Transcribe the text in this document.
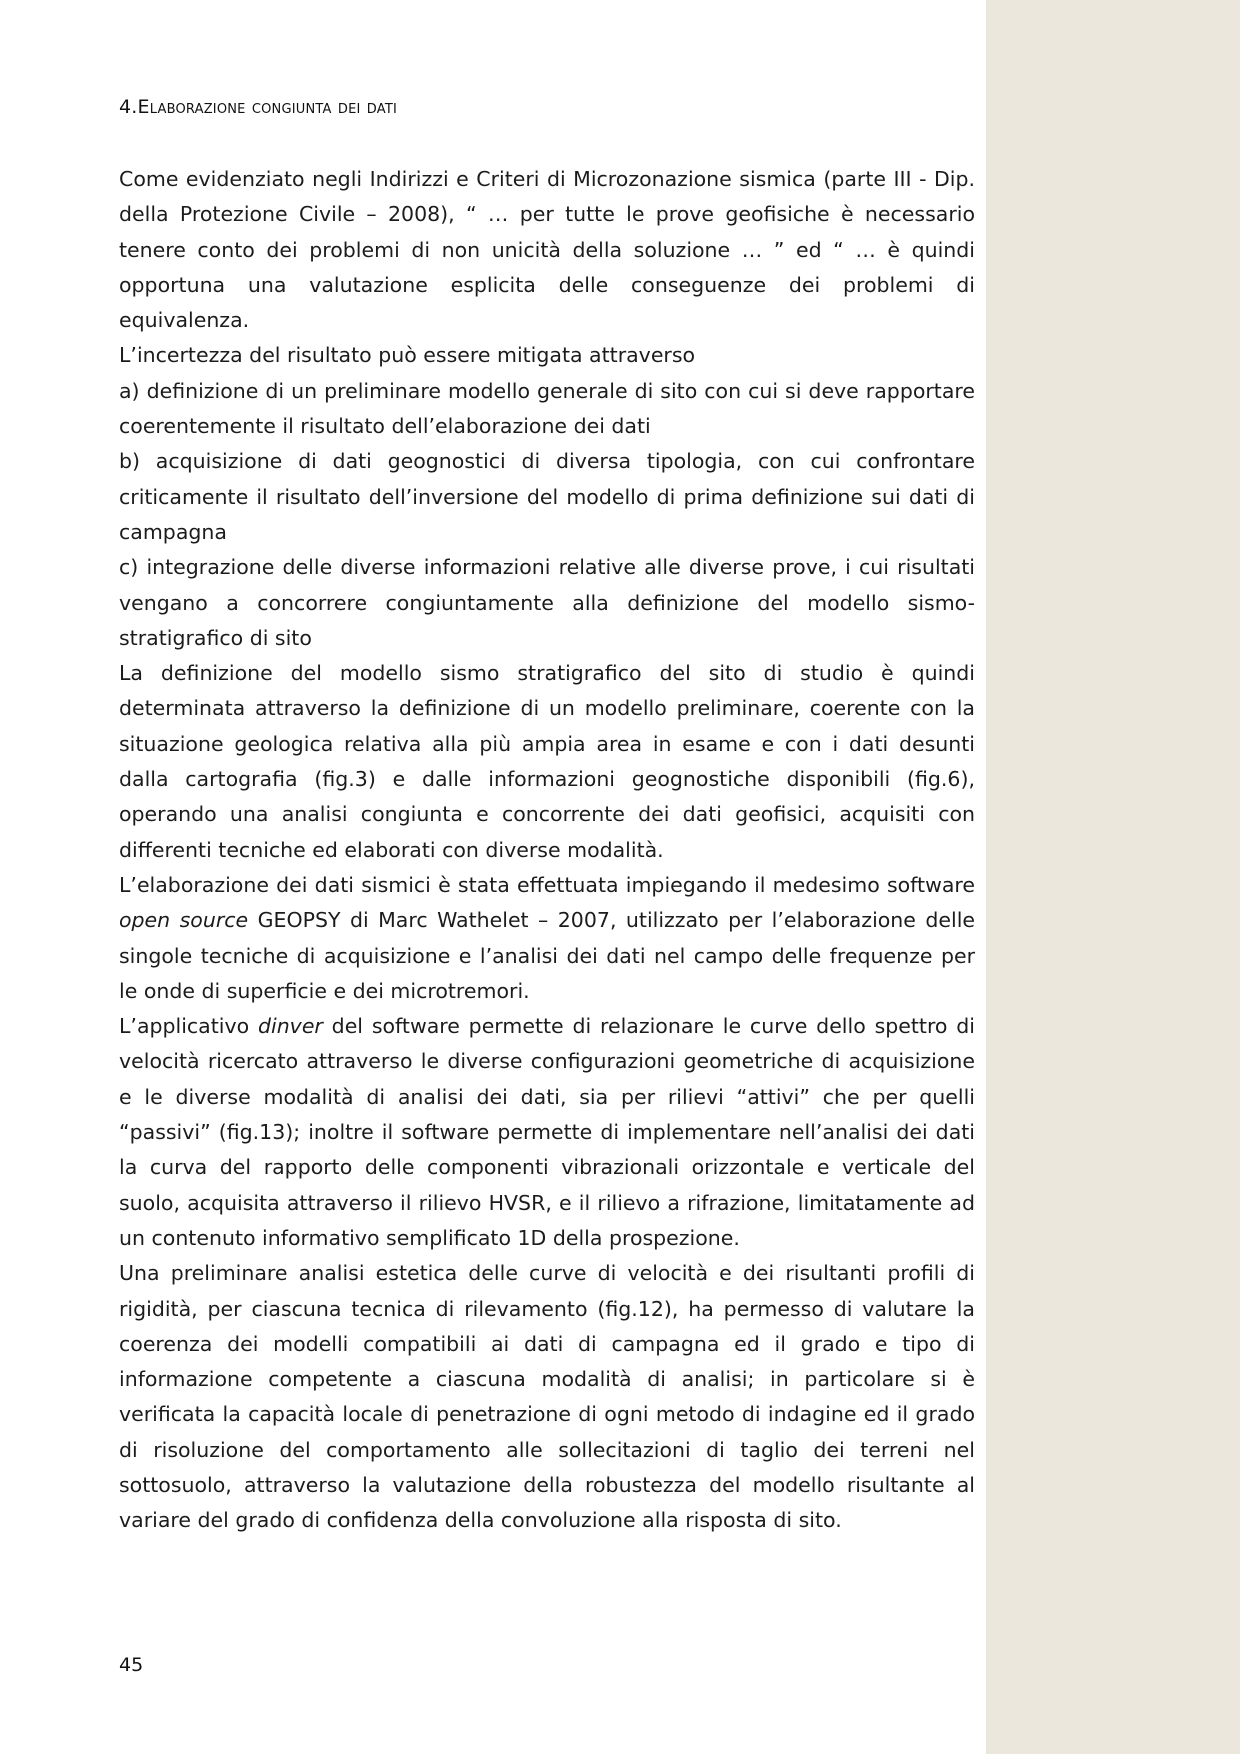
4.Elaborazione congiunta dei dati

Come evidenziato negli Indirizzi e Criteri di Microzonazione sismica (parte III - Dip. della Protezione Civile – 2008), “ … per tutte le prove geofisiche è necessario tenere conto dei problemi di non unicità della soluzione … ” ed “ … è quindi opportuna una valutazione esplicita delle conseguenze dei problemi di equivalenza.

L’incertezza del risultato può essere mitigata attraverso

a) definizione di un preliminare modello generale di sito con cui si deve rapportare coerentemente il risultato dell’elaborazione dei dati

b) acquisizione di dati geognostici di diversa tipologia, con cui confrontare criticamente il risultato dell’inversione del modello di prima definizione sui dati di campagna

c) integrazione delle diverse informazioni relative alle diverse prove, i cui risultati vengano a concorrere congiuntamente alla definizione del modello sismo-stratigrafico di sito

La definizione del modello sismo stratigrafico del sito di studio è quindi determinata attraverso la definizione di un modello preliminare, coerente con la situazione geologica relativa alla più ampia area in esame e con i dati desunti dalla cartografia (fig.3) e dalle informazioni geognostiche disponibili (fig.6), operando una analisi congiunta e concorrente dei dati geofisici, acquisiti con differenti tecniche ed elaborati con diverse modalità.

L’elaborazione dei dati sismici è stata effettuata impiegando il medesimo software open source GEOPSY di Marc Wathelet – 2007, utilizzato per l’elaborazione delle singole tecniche di acquisizione e l’analisi dei dati nel campo delle frequenze per le onde di superficie e dei microtremori.

L’applicativo dinver del software permette di relazionare le curve dello spettro di velocità ricercato attraverso le diverse configurazioni geometriche di acquisizione e le diverse modalità di analisi dei dati, sia per rilievi “attivi” che per quelli “passivi” (fig.13); inoltre il software permette di implementare nell’analisi dei dati la curva del rapporto delle componenti vibrazionali orizzontale e verticale del suolo, acquisita attraverso il rilievo HVSR, e il rilievo a rifrazione, limitatamente ad un contenuto informativo semplificato 1D della prospezione.

Una preliminare analisi estetica delle curve di velocità e dei risultanti profili di rigidità, per ciascuna tecnica di rilevamento (fig.12), ha permesso di valutare la coerenza dei modelli compatibili ai dati di campagna ed il grado e tipo di informazione competente a ciascuna modalità di analisi; in particolare si è verificata la capacità locale di penetrazione di ogni metodo di indagine ed il grado di risoluzione del comportamento alle sollecitazioni di taglio dei terreni nel sottosuolo, attraverso la valutazione della robustezza del modello risultante al variare del grado di confidenza della convoluzione alla risposta di sito.

45
